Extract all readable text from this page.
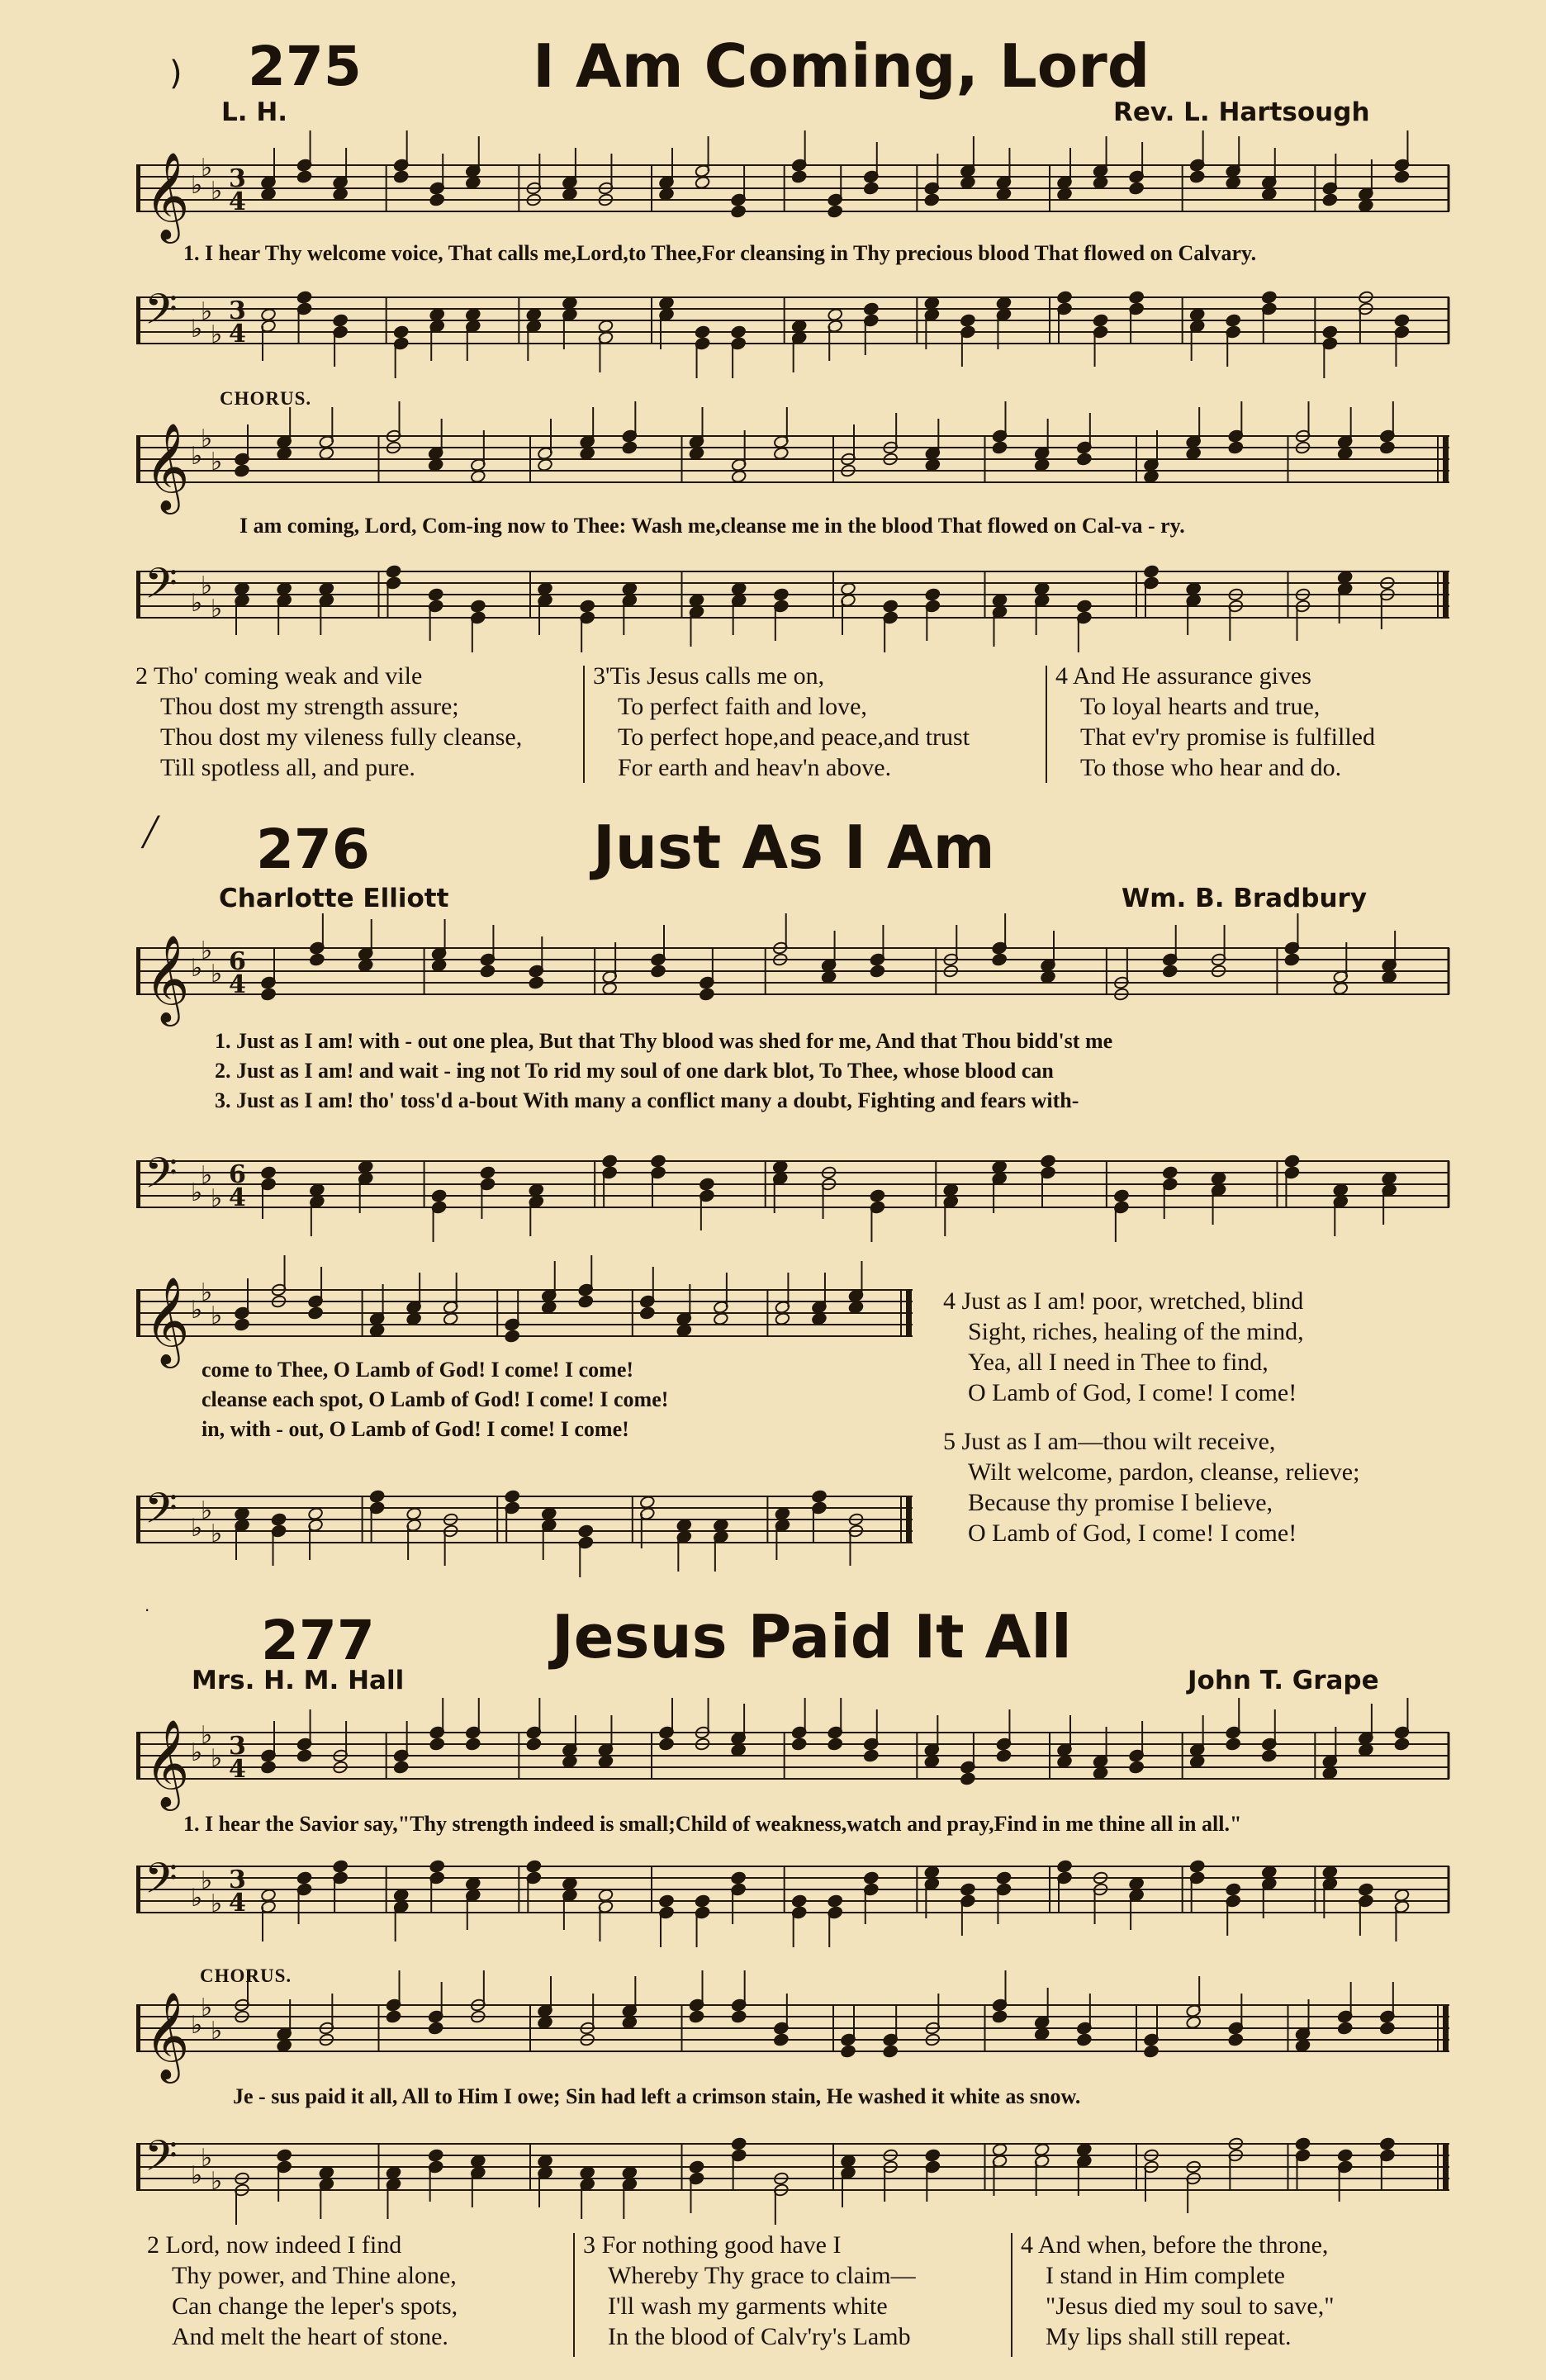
) 275	I Am Coming, Lord
L. H.	Rev. L. Hartsough
𝄞 ♭
♭
♭ 3
4
1. I hear Thy welcome voice, That calls me,Lord,to Thee,For cleansing in Thy precious blood That flowed on Calvary.
𝄢 ♭
♭
♭
3
4
CHORUS.
𝄞 ♭
♭
♭
I am coming, Lord, Com-ing now to Thee: Wash me,cleanse me in the blood That flowed on Cal-va - ry.
𝄢 ♭
♭
♭
2 Tho' coming weak and vile
Thou dost my strength assure;
Thou dost my vileness fully cleanse,
Till spotless all, and pure.
3'Tis Jesus calls me on,
To perfect faith and love,
To perfect hope,and peace,and trust
For earth and heav'n above.
4 And He assurance gives
To loyal hearts and true,
That ev'ry promise is fulfilled
To those who hear and do.
╱ 276	Just As I Am
Charlotte Elliott	Wm. B. Bradbury
𝄞 ♭
♭
♭ 6
4
1. Just as I am! with - out one plea, But that Thy blood was shed for me, And that Thou bidd'st me
2. Just as I am! and wait - ing not To rid my soul of one dark blot, To Thee, whose blood can
3. Just as I am! tho' toss'd a-bout With many a conflict many a doubt, Fighting and fears with-
𝄢 ♭
♭
♭
6
4
𝄞 ♭
♭
♭
come to Thee, O Lamb of God! I come! I come!
cleanse each spot, O Lamb of God! I come! I come!
in, with - out, O Lamb of God! I come! I come!
𝄢 ♭
♭
♭
4 Just as I am! poor, wretched, blind
Sight, riches, healing of the mind,
Yea, all I need in Thee to find,
O Lamb of God, I come! I come!
5 Just as I am—thou wilt receive,
Wilt welcome, pardon, cleanse, relieve;
Because thy promise I believe,
O Lamb of God, I come! I come!
· 277	Jesus Paid It All
Mrs. H. M. Hall	John T. Grape
𝄞 ♭
♭
♭ 3
4
1. I hear the Savior say,"Thy strength indeed is small;Child of weakness,watch and pray,Find in me thine all in all."
𝄢 ♭
♭
♭
3
4
CHORUS.
𝄞 ♭
♭
♭
Je - sus paid it all, All to Him I owe; Sin had left a crimson stain, He washed it white as snow.
𝄢 ♭
♭
♭
2 Lord, now indeed I find
Thy power, and Thine alone,
Can change the leper's spots,
And melt the heart of stone.
3 For nothing good have I
Whereby Thy grace to claim—
I'll wash my garments white
In the blood of Calv'ry's Lamb
4 And when, before the throne,
I stand in Him complete
"Jesus died my soul to save,"
My lips shall still repeat.
